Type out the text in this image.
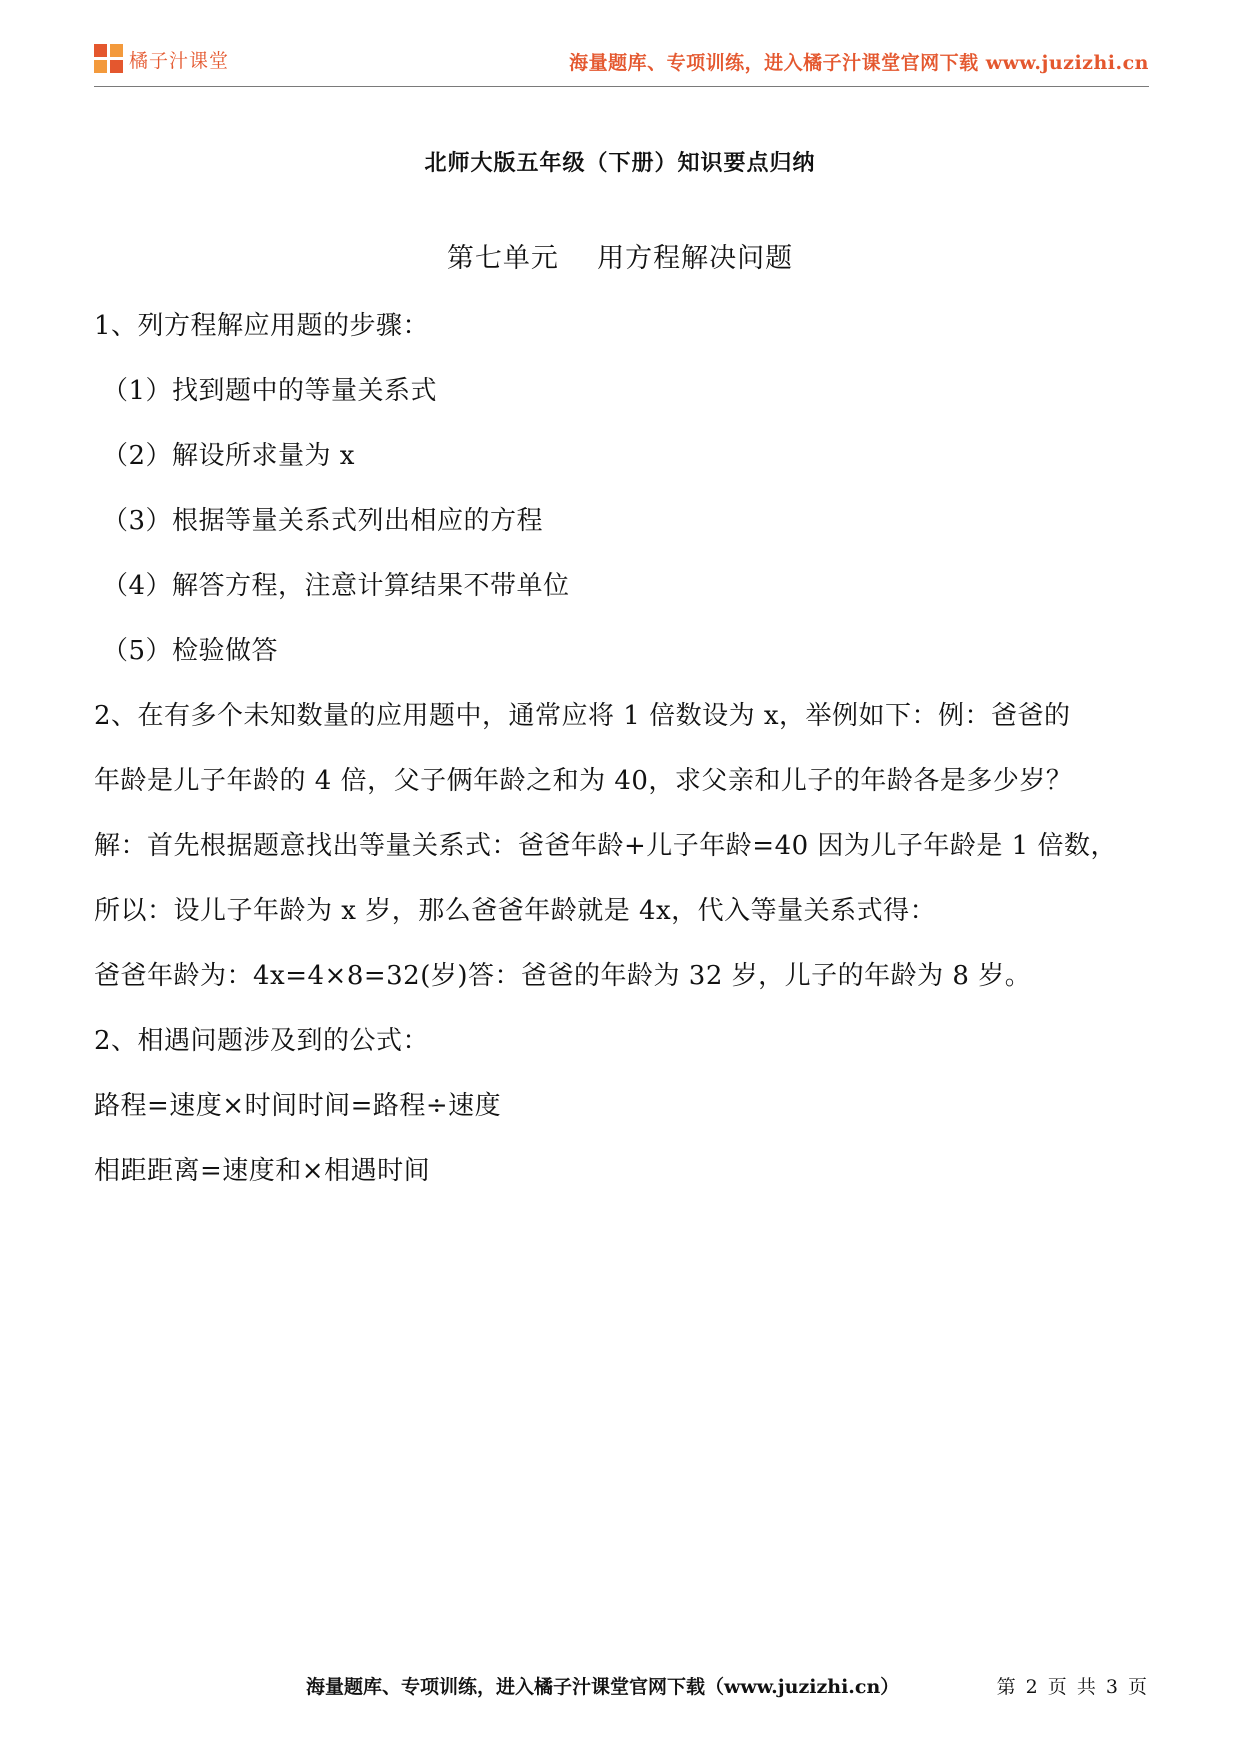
橘子汁课堂	海量题库、专项训练，进入橘子汁课堂官网下载 www.juzizhi.cn
北师大版五年级（下册）知识要点归纳
第七单元    用方程解决问题
1、列方程解应用题的步骤：
（1）找到题中的等量关系式
（2）解设所求量为 x
（3）根据等量关系式列出相应的方程
（4）解答方程，注意计算结果不带单位
（5）检验做答
2、在有多个未知数量的应用题中，通常应将 1 倍数设为 x，举例如下：例：爸爸的
年龄是儿子年龄的 4 倍，父子俩年龄之和为 40，求父亲和儿子的年龄各是多少岁？
解：首先根据题意找出等量关系式：爸爸年龄+儿子年龄=40 因为儿子年龄是 1 倍数，
所以：设儿子年龄为 x 岁，那么爸爸年龄就是 4x，代入等量关系式得：
爸爸年龄为：4x=4×8=32(岁)答：爸爸的年龄为 32 岁，儿子的年龄为 8 岁。
2、相遇问题涉及到的公式：
路程=速度×时间时间=路程÷速度
相距距离=速度和×相遇时间
海量题库、专项训练，进入橘子汁课堂官网下载（www.juzizhi.cn）	第 2 页 共 3 页
